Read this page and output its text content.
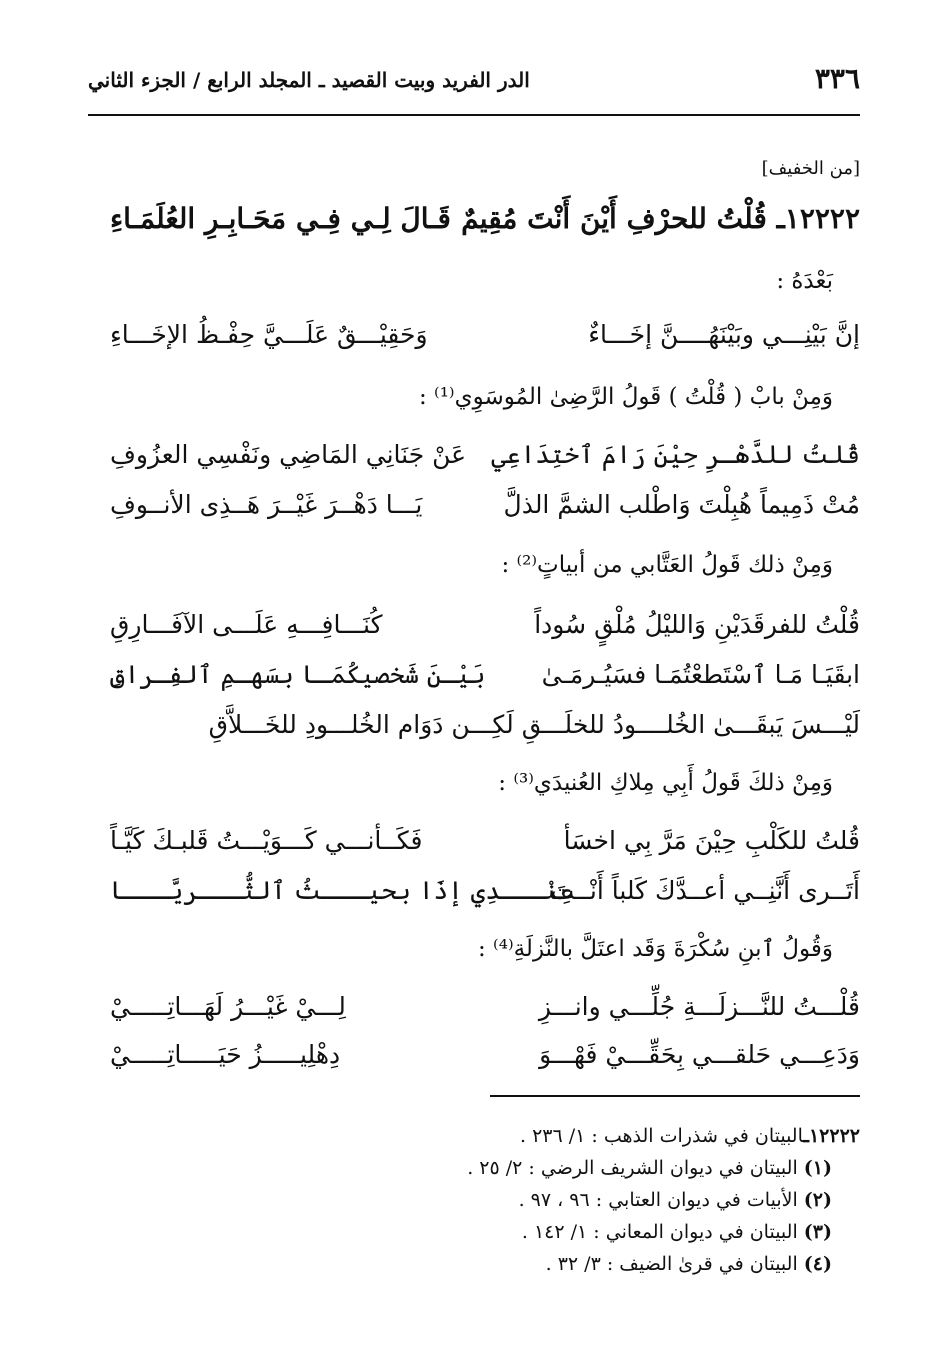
٣٣٦
الدر الفريد وبيت القصيد ـ المجلد الرابع / الجزء الثاني
[من الخفيف]
١٢٢٢٢ـ قُلْتُ للحرْفِ أَيْنَ أَنْتَ مُقِيمٌ
قَـالَ لِـي فِـي مَحَـابِـرِ العُلَمَـاءِ
بَعْدَهُ :
إنَّ بَيْنِـــي وبَيْنَهُــــنَّ إخَـــاءٌ
وَحَقِيْـــقٌ عَلَـــيَّ حِفْـظُ الإخَـــاءِ
وَمِنْ بابْ ( قُلْتُ ) قَولُ الرَّضِىٰ المُوسَوِي⁽¹⁾ :
قُلتُ للدَّهْـرِ حِيْنَ رَامَ ٱختِدَاعِي
عَنْ جَنَانِي المَاضِي ونَفْسِي العزُوفِ
مُتْ ذَمِيماً هُبِلْتَ وَاطْلب الشمَّ الذلَّ
يَـــا دَهْــرَ غَيْــرَ هَــذِى الأنــوفِ
وَمِنْ ذلك قَولُ العَتَّابي من أبياتٍ⁽²⁾ :
قُلْتُ للفرقَدَيْنِ وَالليْلُ مُلْقٍ سُوداً
كُنَـــافِـــهِ عَلَـــى الآفَـــارِقِ
ابقَيَـا مَـا ٱسْتَطعْتُمَـا فسَيُـرمَـىٰ
بَيْـنَ شَخصيكُمَـا بسَهـمِ ٱلفِـراقِ
لَيْـــسَ يَبقَـــىٰ الخُلــــودُ للخلَـــقِ لَكِـــن دَوَام الخُلـــودِ للخَـــلاَّقِ
وَمِنْ ذلكَ قَولُ أَبِي مِلاكِ العُنيدَي⁽³⁾ :
قُلتُ للكَلْبِ حِيْنَ مَرَّ بِي اخسَأ
فَكَــأنـــي كَـــوَيْـــتُ قَلبـكَ كَيَّـاً
أَتَــرى أَنَّنِــي أعــدَّكَ كَلباً أَنْــتَ
عِنْـــدِي إذَا بحيـــثُ ٱلثُّـــريَّـــا
وَقُولُ ٱبنِ سُكْرَةَ وَقَد اعتَلَّ بالنَّزلَةِ⁽⁴⁾ :
قُلْـــتُ للنَّـــزلَـــةِ جُلِّـــي وانـــزِ
لِـــيْ غَيْـــرُ لَهَـــاتِـــــيْ
وَدَعِـــي حَلقـــي بِحَقِّـــيْ فَهْـــوَ
دِهْلِيـــــزُ حَيَـــــاتِـــــيْ
١٢٢٢٢ـالبيتان في شذرات الذهب : ١/ ٢٣٦ .
(١) البيتان في ديوان الشريف الرضي : ٢/ ٢٥ .
(٢) الأبيات في ديوان العتابي : ٩٦ ، ٩٧ .
(٣) البيتان في ديوان المعاني : ١/ ١٤٢ .
(٤) البيتان في قرىٰ الضيف : ٣/ ٣٢ .
